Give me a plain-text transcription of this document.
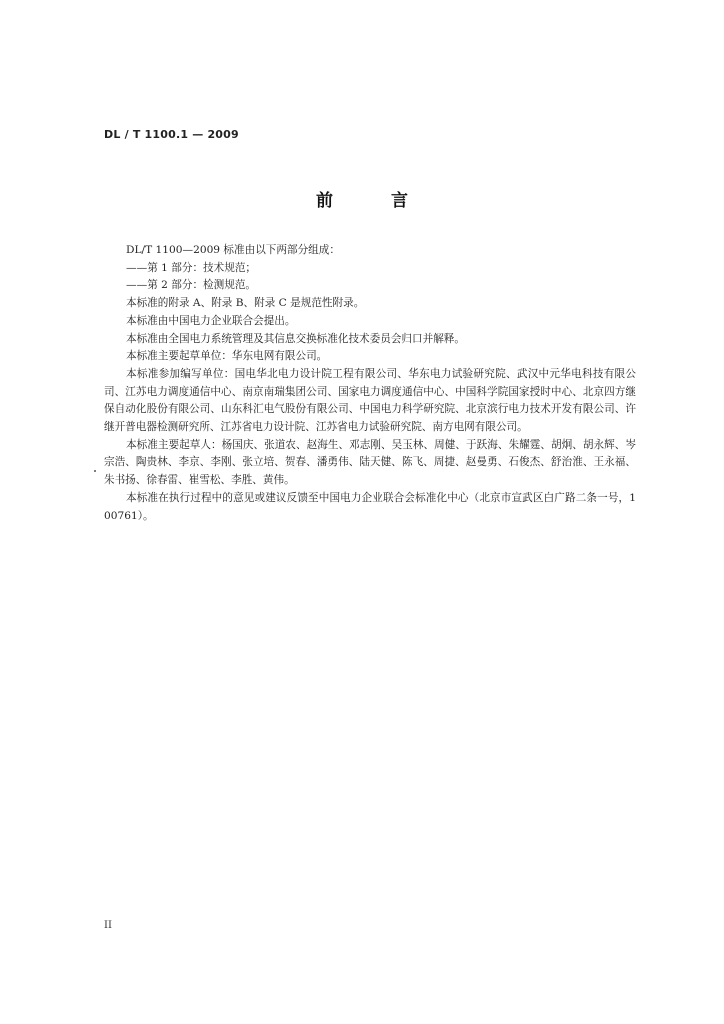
DL / T 1100.1 — 2009
前 言

DL/T 1100—2009 标准由以下两部分组成：

——第 1 部分：技术规范；

——第 2 部分：检测规范。

本标准的附录 A、附录 B、附录 C 是规范性附录。

本标准由中国电力企业联合会提出。

本标准由全国电力系统管理及其信息交换标准化技术委员会归口并解释。

本标准主要起草单位：华东电网有限公司。

本标准参加编写单位：国电华北电力设计院工程有限公司、华东电力试验研究院、武汉中元华电科技有限公司、江苏电力调度通信中心、南京南瑞集团公司、国家电力调度通信中心、中国科学院国家授时中心、北京四方继保自动化股份有限公司、山东科汇电气股份有限公司、中国电力科学研究院、北京滨行电力技术开发有限公司、许继开普电器检测研究所、江苏省电力设计院、江苏省电力试验研究院、南方电网有限公司。

本标准主要起草人：杨国庆、张道农、赵海生、邓志刚、吴玉林、周健、于跃海、朱耀霆、胡炯、胡永辉、岑宗浩、陶贵林、李京、李刚、张立培、贺春、潘勇伟、陆天健、陈飞、周捷、赵曼勇、石俊杰、舒治淮、王永福、朱书扬、徐春雷、崔雪松、李胜、黄伟。

本标准在执行过程中的意见或建议反馈至中国电力企业联合会标准化中心（北京市宣武区白广路二条一号，100761）。

II
